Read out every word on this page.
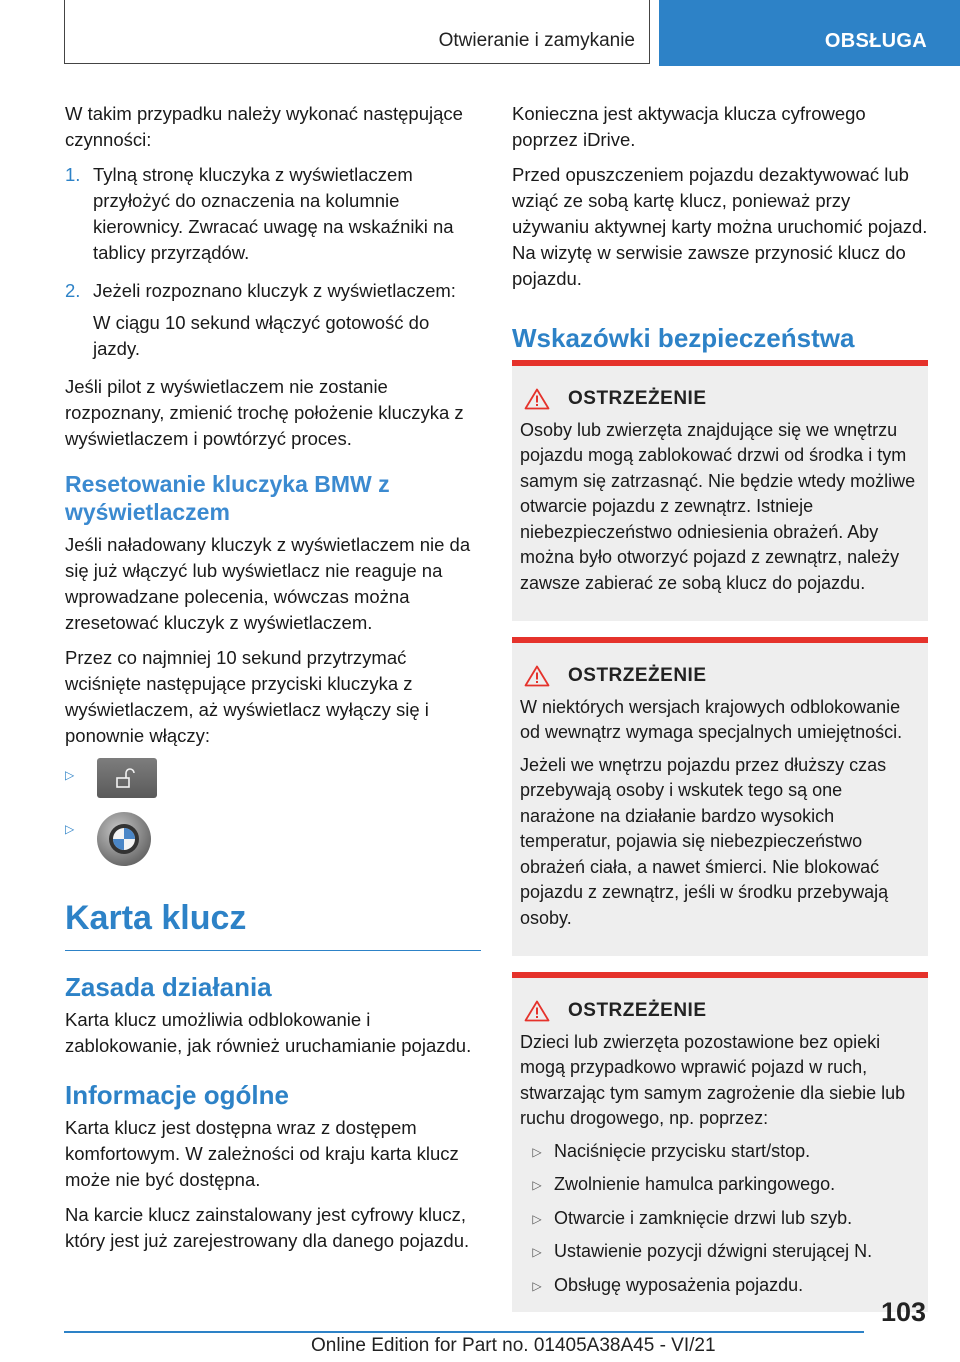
Otwieranie i zamykanie	OBSŁUGA

W takim przypadku należy wykonać następujące czynności:

1. Tylną stronę kluczyka z wyświetlaczem przyłożyć do oznaczenia na kolumnie kierownicy. Zwracać uwagę na wskaźniki na tablicy przyrządów.

2. Jeżeli rozpoznano kluczyk z wyświetlaczem:

W ciągu 10 sekund włączyć gotowość do jazdy.

Jeśli pilot z wyświetlaczem nie zostanie rozpoznany, zmienić trochę położenie kluczyka z wyświetlaczem i powtórzyć proces.

Resetowanie kluczyka BMW z wyświetlaczem

Jeśli naładowany kluczyk z wyświetlaczem nie da się już włączyć lub wyświetlacz nie reaguje na wprowadzane polecenia, wówczas można zresetować kluczyk z wyświetlaczem.

Przez co najmniej 10 sekund przytrzymać wciśnięte następujące przyciski kluczyka z wyświetlaczem, aż wyświetlacz wyłączy się i ponownie włączy:

▷
▷
Karta klucz
Zasada działania

Karta klucz umożliwia odblokowanie i zablokowanie, jak również uruchamianie pojazdu.

Informacje ogólne

Karta klucz jest dostępna wraz z dostępem komfortowym. W zależności od kraju karta klucz może nie być dostępna.

Na karcie klucz zainstalowany jest cyfrowy klucz, który jest już zarejestrowany dla danego pojazdu.

Konieczna jest aktywacja klucza cyfrowego poprzez iDrive.

Przed opuszczeniem pojazdu dezaktywować lub wziąć ze sobą kartę klucz, ponieważ przy używaniu aktywnej karty można uruchomić pojazd. Na wizytę w serwisie zawsze przynosić klucz do pojazdu.

Wskazówki bezpieczeństwa
OSTRZEŻENIE

Osoby lub zwierzęta znajdujące się we wnętrzu pojazdu mogą zablokować drzwi od środka i tym samym się zatrzasnąć. Nie będzie wtedy możliwe otwarcie pojazdu z zewnątrz. Istnieje niebezpieczeństwo odniesienia obrażeń. Aby można było otworzyć pojazd z zewnątrz, należy zawsze zabierać ze sobą klucz do pojazdu.

OSTRZEŻENIE

W niektórych wersjach krajowych odblokowanie od wewnątrz wymaga specjalnych umiejętności.

Jeżeli we wnętrzu pojazdu przez dłuższy czas przebywają osoby i wskutek tego są one narażone na działanie bardzo wysokich temperatur, pojawia się niebezpieczeństwo obrażeń ciała, a nawet śmierci. Nie blokować pojazdu z zewnątrz, jeśli w środku przebywają osoby.

OSTRZEŻENIE

Dzieci lub zwierzęta pozostawione bez opieki mogą przypadkowo wprawić pojazd w ruch, stwarzając tym samym zagrożenie dla siebie lub ruchu drogowego, np. poprzez:

▷ Naciśnięcie przycisku start/stop.
▷ Zwolnienie hamulca parkingowego.
▷ Otwarcie i zamknięcie drzwi lub szyb.
▷ Ustawienie pozycji dźwigni sterującej N.
▷ Obsługę wyposażenia pojazdu.
103
Online Edition for Part no. 01405A38A45 - VI/21
